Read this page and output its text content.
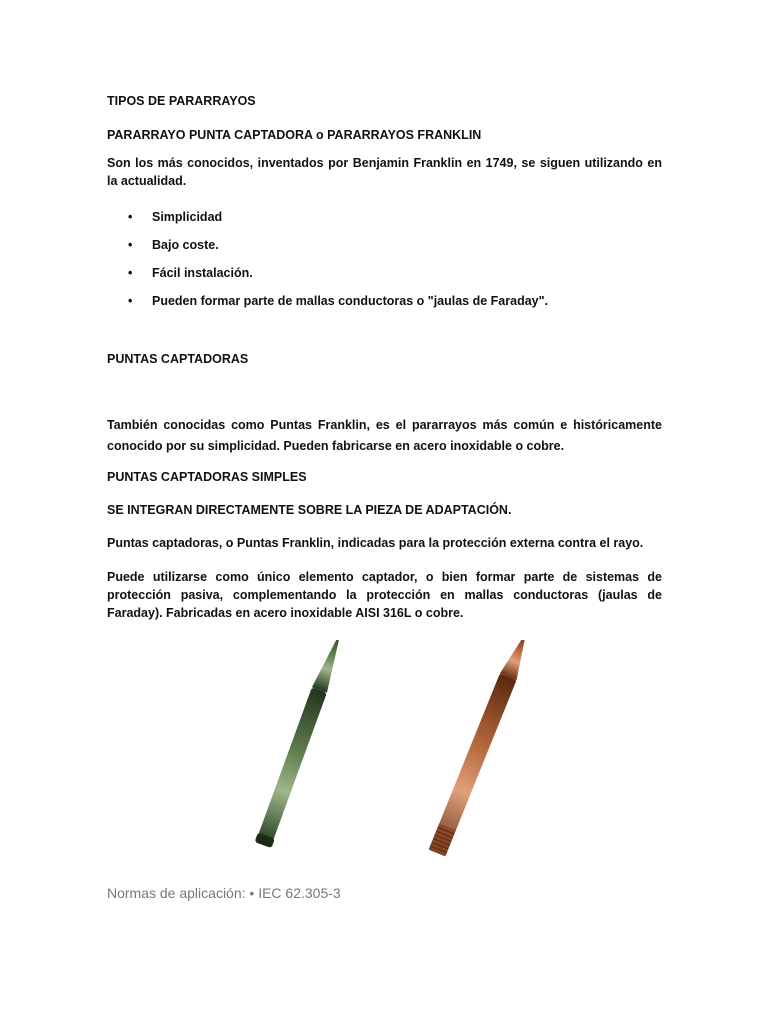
TIPOS DE PARARRAYOS
PARARRAYO PUNTA CAPTADORA o PARARRAYOS FRANKLIN
Son los más conocidos, inventados por Benjamin Franklin en 1749, se siguen utilizando en la actualidad.
• Simplicidad
• Bajo coste.
• Fácil instalación.
• Pueden formar parte de mallas conductoras o "jaulas de Faraday".
PUNTAS CAPTADORAS
También conocidas como Puntas Franklin, es el pararrayos más común e históricamente conocido por su simplicidad. Pueden fabricarse en acero inoxidable o cobre.
PUNTAS CAPTADORAS SIMPLES
SE INTEGRAN DIRECTAMENTE SOBRE LA PIEZA DE ADAPTACIÓN.
Puntas captadoras, o Puntas Franklin, indicadas para la protección externa contra el rayo.
Puede utilizarse como único elemento captador, o bien formar parte de sistemas de protección pasiva, complementando la protección en mallas conductoras (jaulas de Faraday). Fabricadas en acero inoxidable AISI 316L o cobre.
Normas de aplicación: • IEC 62.305-3
